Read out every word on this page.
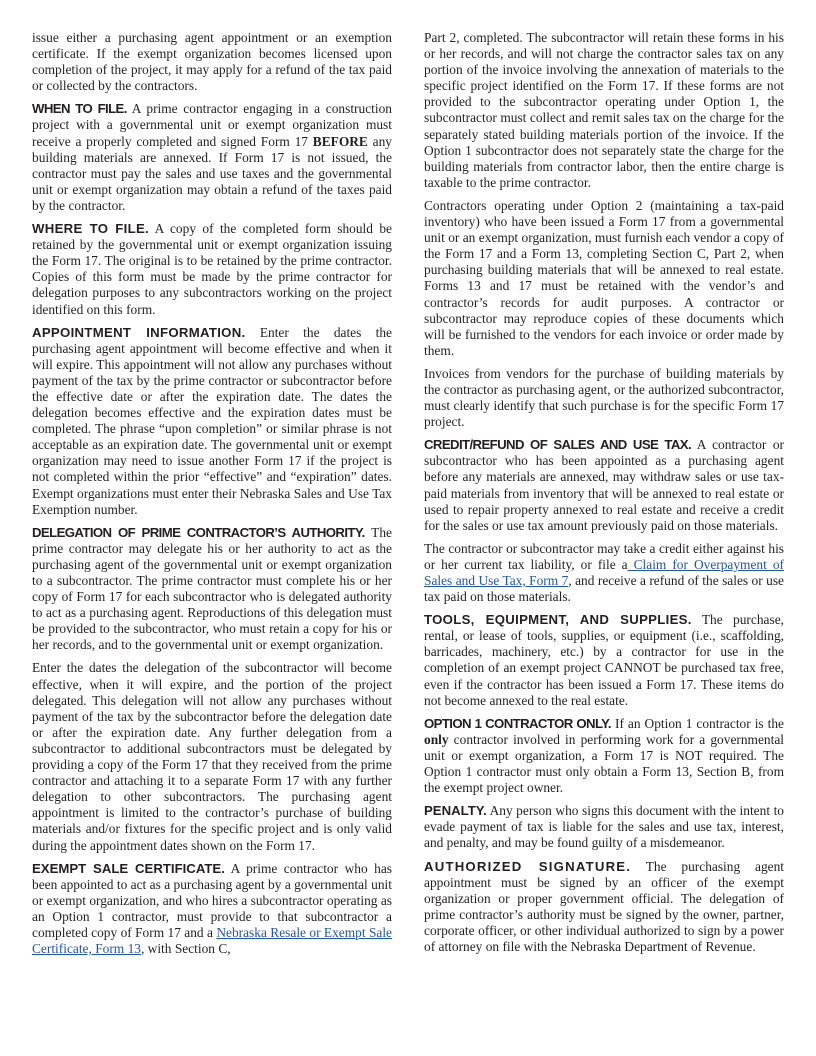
issue either a purchasing agent appointment or an exemption certificate. If the exempt organization becomes licensed upon completion of the project, it may apply for a refund of the tax paid or collected by the contractors.

WHEN TO FILE. A prime contractor engaging in a construction project with a governmental unit or exempt organization must receive a properly completed and signed Form 17 BEFORE any building materials are annexed. If Form 17 is not issued, the contractor must pay the sales and use taxes and the governmental unit or exempt organization may obtain a refund of the taxes paid by the contractor.

WHERE TO FILE. A copy of the completed form should be retained by the governmental unit or exempt organization issuing the Form 17. The original is to be retained by the prime contractor. Copies of this form must be made by the prime contractor for delegation purposes to any subcontractors working on the project identified on this form.

APPOINTMENT INFORMATION. Enter the dates the purchasing agent appointment will become effective and when it will expire. This appointment will not allow any purchases without payment of the tax by the prime contractor or subcontractor before the effective date or after the expiration date. The dates the delegation becomes effective and the expiration dates must be completed. The phrase “upon completion” or similar phrase is not acceptable as an expiration date. The governmental unit or exempt organization may need to issue another Form 17 if the project is not completed within the prior “effective” and “expiration” dates. Exempt organizations must enter their Nebraska Sales and Use Tax Exemption number.

DELEGATION OF PRIME CONTRACTOR’S AUTHORITY. The prime contractor may delegate his or her authority to act as the purchasing agent of the governmental unit or exempt organization to a subcontractor. The prime contractor must complete his or her copy of Form 17 for each subcontractor who is delegated authority to act as a purchasing agent. Reproductions of this delegation must be provided to the subcontractor, who must retain a copy for his or her records, and to the governmental unit or exempt organization.

Enter the dates the delegation of the subcontractor will become effective, when it will expire, and the portion of the project delegated. This delegation will not allow any purchases without payment of the tax by the subcontractor before the delegation date or after the expiration date. Any further delegation from a subcontractor to additional subcontractors must be delegated by providing a copy of the Form 17 that they received from the prime contractor and attaching it to a separate Form 17 with any further delegation to other subcontractors. The purchasing agent appointment is limited to the contractor’s purchase of building materials and/or fixtures for the specific project and is only valid during the appointment dates shown on the Form 17.

EXEMPT SALE CERTIFICATE. A prime contractor who has been appointed to act as a purchasing agent by a governmental unit or exempt organization, and who hires a subcontractor operating as an Option 1 contractor, must provide to that subcontractor a completed copy of Form 17 and a Nebraska Resale or Exempt Sale Certificate, Form 13, with Section C,

Part 2, completed. The subcontractor will retain these forms in his or her records, and will not charge the contractor sales tax on any portion of the invoice involving the annexation of materials to the specific project identified on the Form 17. If these forms are not provided to the subcontractor operating under Option 1, the subcontractor must collect and remit sales tax on the charge for the separately stated building materials portion of the invoice. If the Option 1 subcontractor does not separately state the charge for the building materials from contractor labor, then the entire charge is taxable to the prime contractor.

Contractors operating under Option 2 (maintaining a tax-paid inventory) who have been issued a Form 17 from a governmental unit or an exempt organization, must furnish each vendor a copy of the Form 17 and a Form 13, completing Section C, Part 2, when purchasing building materials that will be annexed to real estate. Forms 13 and 17 must be retained with the vendor’s and contractor’s records for audit purposes. A contractor or subcontractor may reproduce copies of these documents which will be furnished to the vendors for each invoice or order made by them.

Invoices from vendors for the purchase of building materials by the contractor as purchasing agent, or the authorized subcontractor, must clearly identify that such purchase is for the specific Form 17 project.

CREDIT/REFUND OF SALES AND USE TAX. A contractor or subcontractor who has been appointed as a purchasing agent before any materials are annexed, may withdraw sales or use tax-paid materials from inventory that will be annexed to real estate or used to repair property annexed to real estate and receive a credit for the sales or use tax amount previously paid on those materials.

The contractor or subcontractor may take a credit either against his or her current tax liability, or file a Claim for Overpayment of Sales and Use Tax, Form 7, and receive a refund of the sales or use tax paid on those materials.

TOOLS, EQUIPMENT, AND SUPPLIES. The purchase, rental, or lease of tools, supplies, or equipment (i.e., scaffolding, barricades, machinery, etc.) by a contractor for use in the completion of an exempt project CANNOT be purchased tax free, even if the contractor has been issued a Form 17. These items do not become annexed to the real estate.

OPTION 1 CONTRACTOR ONLY. If an Option 1 contractor is the only contractor involved in performing work for a governmental unit or exempt organization, a Form 17 is NOT required. The Option 1 contractor must only obtain a Form 13, Section B, from the exempt project owner.

PENALTY. Any person who signs this document with the intent to evade payment of tax is liable for the sales and use tax, interest, and penalty, and may be found guilty of a misdemeanor.

AUTHORIZED SIGNATURE. The purchasing agent appointment must be signed by an officer of the exempt organization or proper government official. The delegation of prime contractor’s authority must be signed by the owner, partner, corporate officer, or other individual authorized to sign by a power of attorney on file with the Nebraska Department of Revenue.
